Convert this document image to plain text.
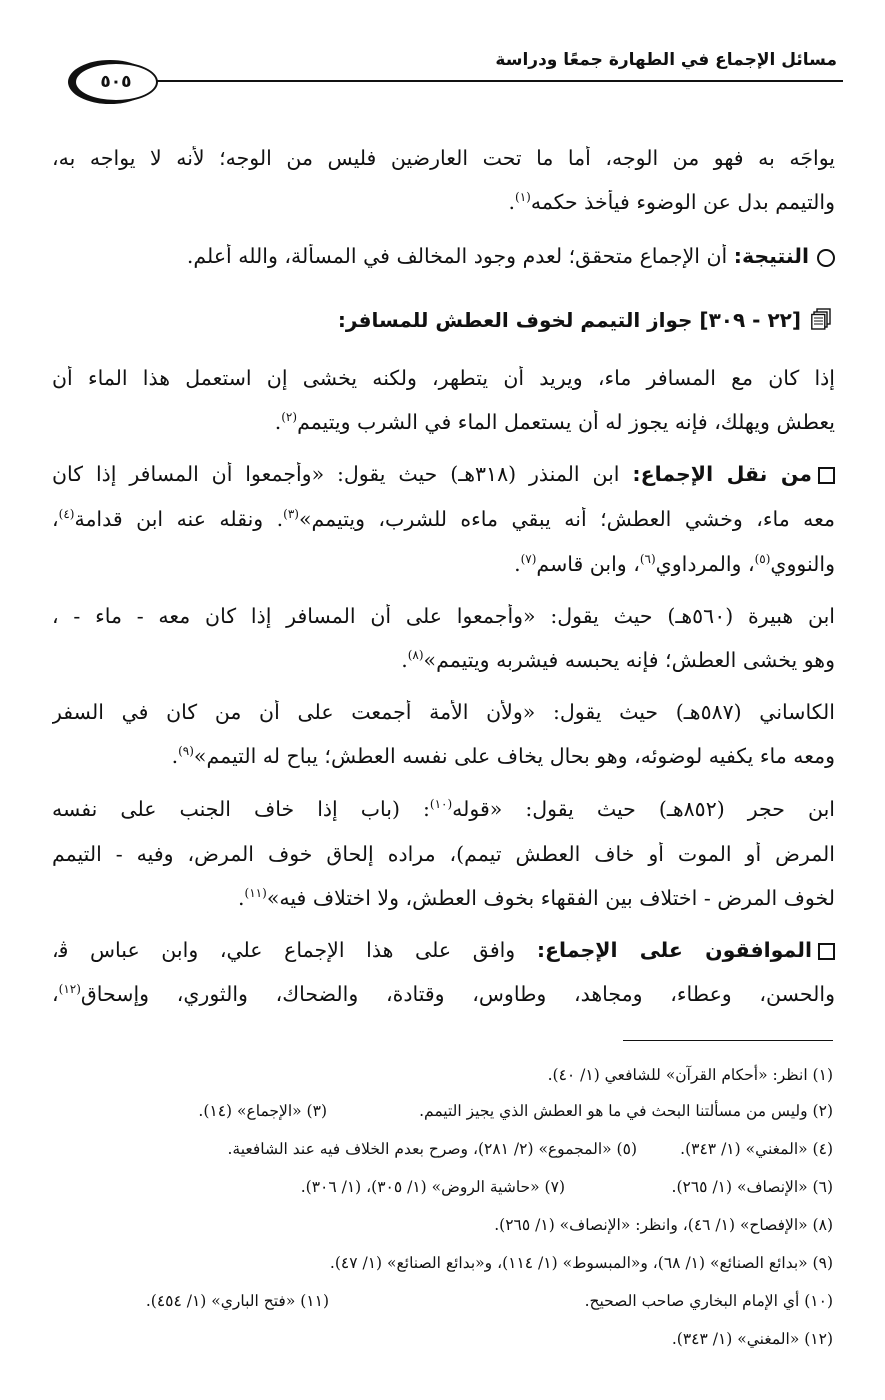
مسائل الإجماع في الطهارة جمعًا ودراسة
٥٠٥
يواجَه به فهو من الوجه، أما ما تحت العارضين فليس من الوجه؛ لأنه لا يواجه به،
والتيمم بدل عن الوضوء فيأخذ حكمه$^{(١)}$.
النتيجة: أن الإجماع متحقق؛ لعدم وجود المخالف في المسألة، والله أعلم.
[٢٢ - ٣٠٩] جواز التيمم لخوف العطش للمسافر:
إذا كان مع المسافر ماء، ويريد أن يتطهر، ولكنه يخشى إن استعمل هذا الماء أن
يعطش ويهلك، فإنه يجوز له أن يستعمل الماء في الشرب ويتيمم$^{(٢)}$.
من نقل الإجماع: ابن المنذر (٣١٨هـ) حيث يقول: «وأجمعوا أن المسافر إذا كان
معه ماء، وخشي العطش؛ أنه يبقي ماءه للشرب، ويتيمم»$^{(٣)}$. ونقله عنه ابن قدامة$^{(٤)}$،
والنووي$^{(٥)}$، والمرداوي$^{(٦)}$، وابن قاسم$^{(٧)}$.
ابن هبيرة (٥٦٠هـ) حيث يقول: «وأجمعوا على أن المسافر إذا كان معه - ماء - ،
وهو يخشى العطش؛ فإنه يحبسه فيشربه ويتيمم»$^{(٨)}$.
الكاساني (٥٨٧هـ) حيث يقول: «ولأن الأمة أجمعت على أن من كان في السفر
ومعه ماء يكفيه لوضوئه، وهو بحال يخاف على نفسه العطش؛ يباح له التيمم»$^{(٩)}$.
ابن حجر (٨٥٢هـ) حيث يقول: «قوله$^{(١٠)}$: (باب إذا خاف الجنب على نفسه
المرض أو الموت أو خاف العطش تيمم)، مراده إلحاق خوف المرض، وفيه - التيمم
لخوف المرض - اختلاف بين الفقهاء بخوف العطش، ولا اختلاف فيه»$^{(١١)}$.
الموافقون على الإجماع: وافق على هذا الإجماع علي، وابن عباس ﭬ،
والحسن، وعطاء، ومجاهد، وطاوس، وقتادة، والضحاك، والثوري، وإسحاق$^{(١٢)}$،
(١) انظر: «أحكام القرآن» للشافعي (١/ ٤٠).
(٢) وليس من مسألتنا البحث في ما هو العطش الذي يجيز التيمم.
(٣) «الإجماع» (١٤).
(٤) «المغني» (١/ ٣٤٣).
(٥) «المجموع» (٢/ ٢٨١)، وصرح بعدم الخلاف فيه عند الشافعية.
(٦) «الإنصاف» (١/ ٢٦٥).
(٧) «حاشية الروض» (١/ ٣٠٥)، (١/ ٣٠٦).
(٨) «الإفصاح» (١/ ٤٦)، وانظر: «الإنصاف» (١/ ٢٦٥).
(٩) «بدائع الصنائع» (١/ ٦٨)، و«المبسوط» (١/ ١١٤)، و«بدائع الصنائع» (١/ ٤٧).
(١٠) أي الإمام البخاري صاحب الصحيح.
(١١) «فتح الباري» (١/ ٤٥٤).
(١٢) «المغني» (١/ ٣٤٣).
